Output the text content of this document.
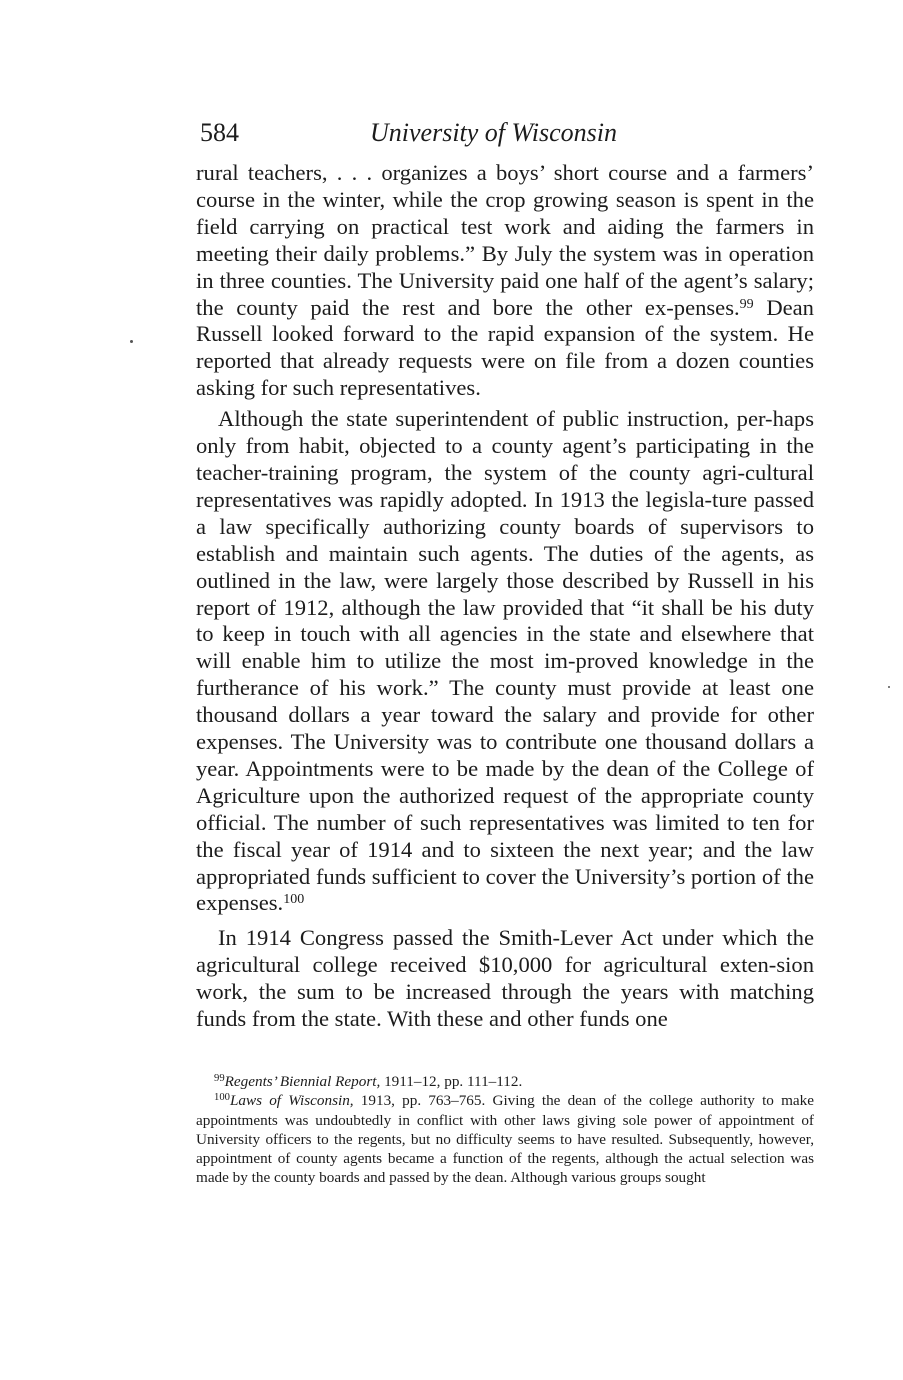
584	University of Wisconsin

rural teachers, . . . organizes a boys’ short course and a farmers’ course in the winter, while the crop growing season is spent in the field carrying on practical test work and aiding the farmers in meeting their daily problems.” By July the system was in operation in three counties. The University paid one half of the agent’s salary; the county paid the rest and bore the other ex-penses.$^{99}$ Dean Russell looked forward to the rapid expansion of the system. He reported that already requests were on file from a dozen counties asking for such representatives.

Although the state superintendent of public instruction, per-haps only from habit, objected to a county agent’s participating in the teacher-training program, the system of the county agri-cultural representatives was rapidly adopted. In 1913 the legisla-ture passed a law specifically authorizing county boards of supervisors to establish and maintain such agents. The duties of the agents, as outlined in the law, were largely those described by Russell in his report of 1912, although the law provided that “it shall be his duty to keep in touch with all agencies in the state and elsewhere that will enable him to utilize the most im-proved knowledge in the furtherance of his work.” The county must provide at least one thousand dollars a year toward the salary and provide for other expenses. The University was to contribute one thousand dollars a year. Appointments were to be made by the dean of the College of Agriculture upon the authorized request of the appropriate county official. The number of such representatives was limited to ten for the fiscal year of 1914 and to sixteen the next year; and the law appropriated funds sufficient to cover the University’s portion of the expenses.$^{100}$

In 1914 Congress passed the Smith-Lever Act under which the agricultural college received $10,000 for agricultural exten-sion work, the sum to be increased through the years with matching funds from the state. With these and other funds one

$^{99}$Regents’ Biennial Report, 1911–12, pp. 111–112.

$^{100}$Laws of Wisconsin, 1913, pp. 763–765. Giving the dean of the college authority to make appointments was undoubtedly in conflict with other laws giving sole power of appointment of University officers to the regents, but no difficulty seems to have resulted. Subsequently, however, appointment of county agents became a function of the regents, although the actual selection was made by the county boards and passed by the dean. Although various groups sought
